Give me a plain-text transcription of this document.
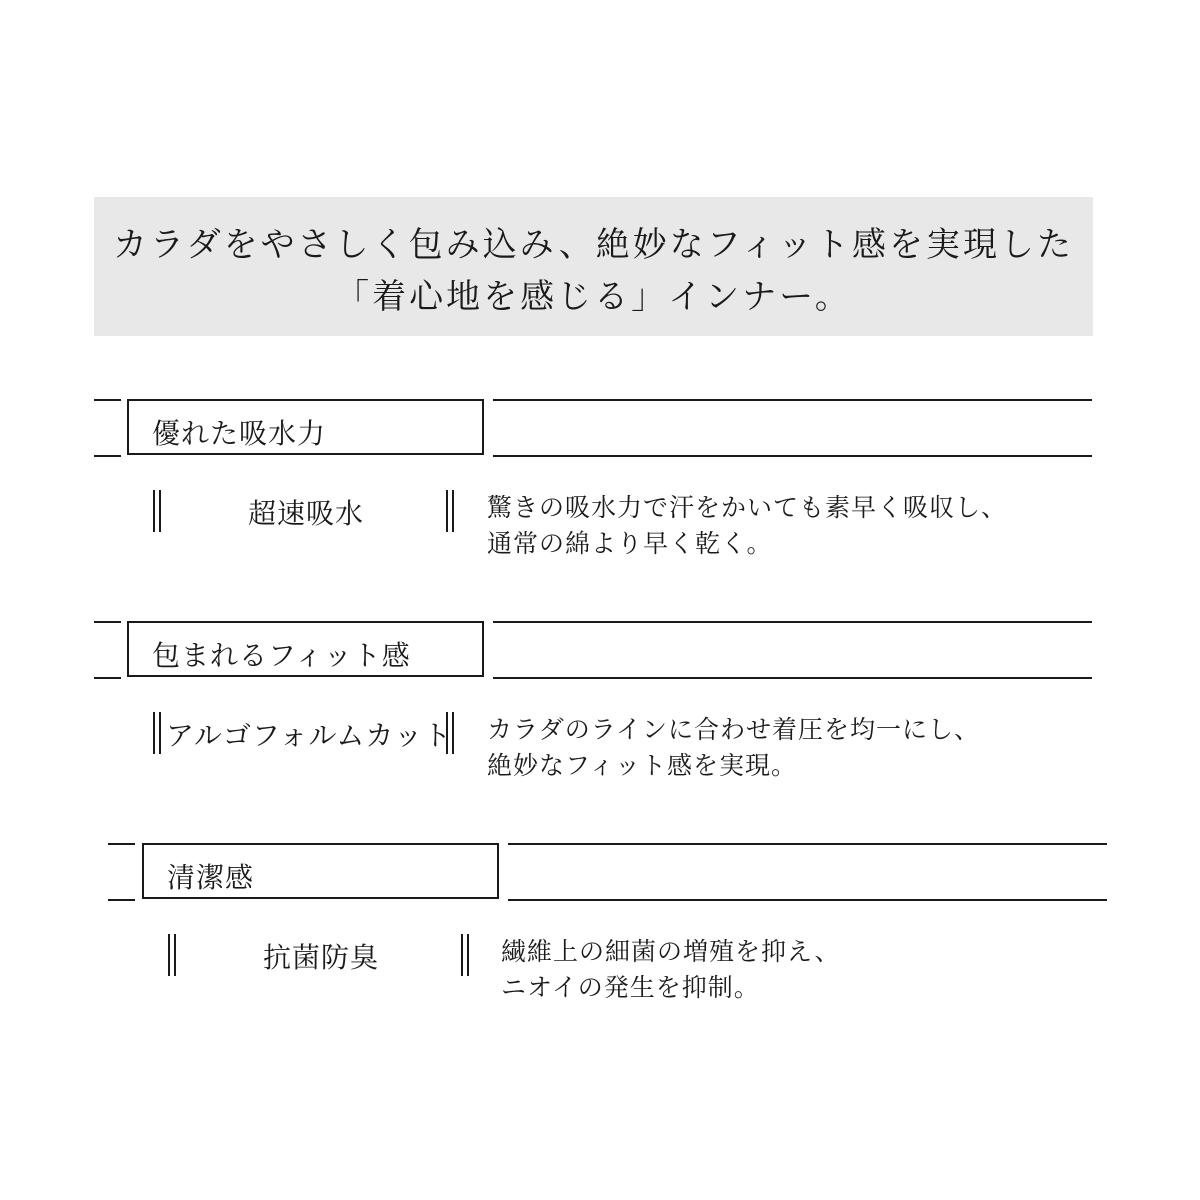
カラダをやさしく包み込み、絶妙なフィット感を実現した
「着心地を感じる」インナー。
優れた吸水力
超速吸水	驚きの吸水力で汗をかいても素早く吸収し、
通常の綿より早く乾く。
包まれるフィット感
アルゴフォルムカット カラダのラインに合わせ着圧を均一にし、
絶妙なフィット感を実現。
清潔感
抗菌防臭	繊維上の細菌の増殖を抑え、
ニオイの発生を抑制。
